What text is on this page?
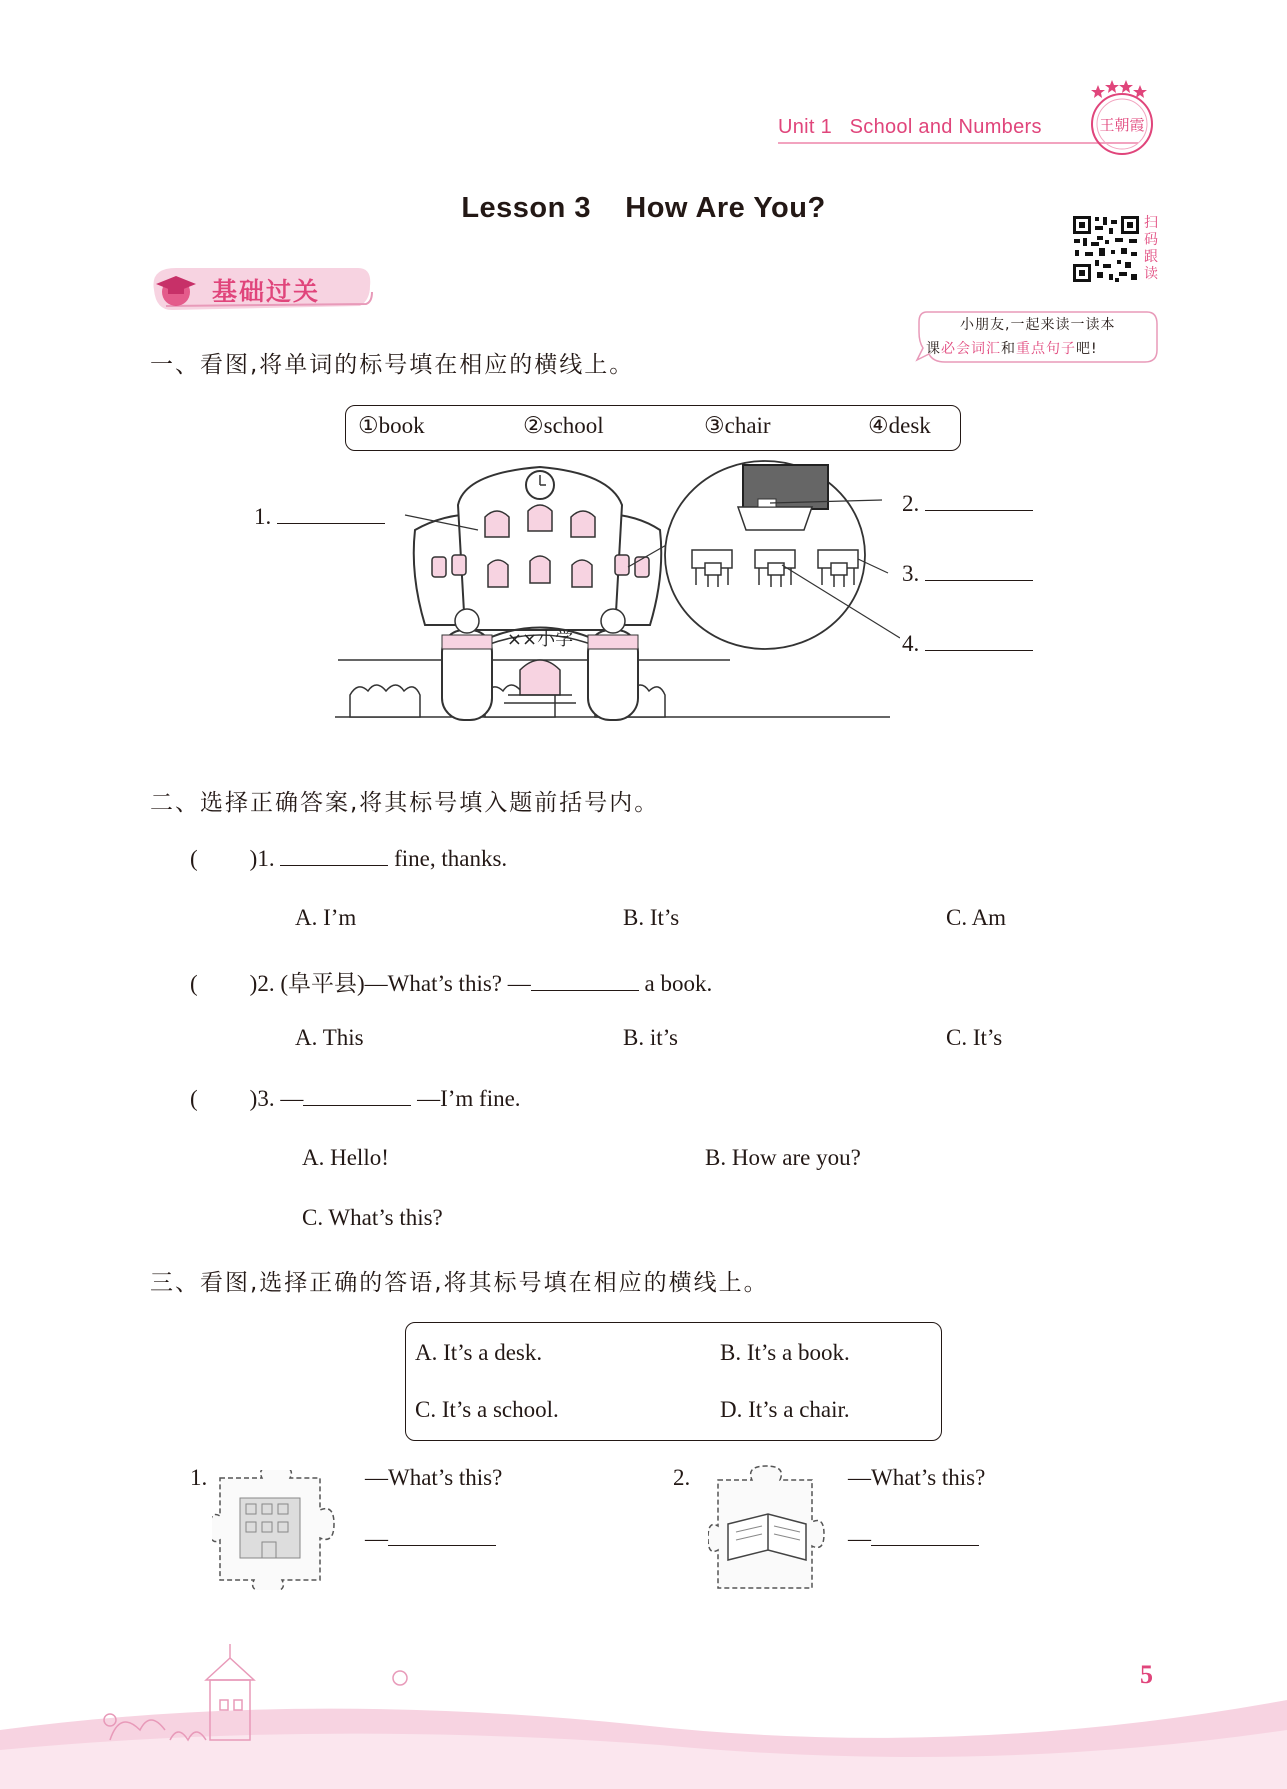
Unit 1 School and Numbers	王朝霞
Lesson 3    How Are You?	扫码跟读
基础过关
小朋友,一起来读一读本
课必会词汇和重点句子吧!
一、看图,将单词的标号填在相应的横线上。
①book	②school	③chair	④desk
××小学
1.
2.
3.
4.
二、选择正确答案,将其标号填入题前括号内。
( )1.	fine, thanks.
A. I’m	B. It’s	C. Am
( )2. (阜平县)—What’s this? —	a book.
A. This	B. it’s	C. It’s
( )3. —	—I’m fine.
A. Hello!	B. How are you?
C. What’s this?
三、看图,选择正确的答语,将其标号填在相应的横线上。
A. It’s a desk.	B. It’s a book.
C. It’s a school.	D. It’s a chair.
1.	—What’s this?
—
2.	—What’s this?
—
5
